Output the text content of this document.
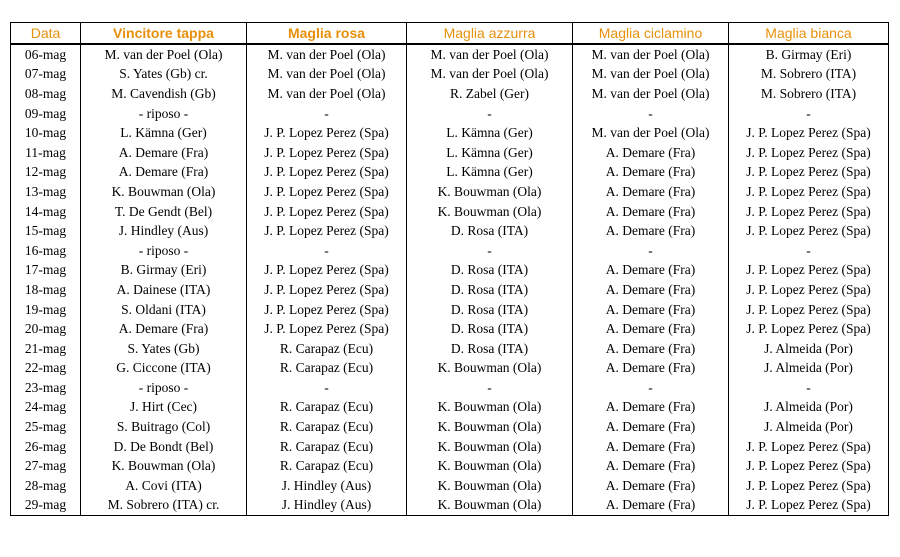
Data	Vincitore tappa	Maglia rosa	Maglia azzurra	Maglia ciclamino	Maglia bianca
06-mag	M. van der Poel (Ola)	M. van der Poel (Ola)	M. van der Poel (Ola)	M. van der Poel (Ola)	B. Girmay (Eri)
07-mag	S. Yates (Gb) cr.	M. van der Poel (Ola)	M. van der Poel (Ola)	M. van der Poel (Ola)	M. Sobrero (ITA)
08-mag	M. Cavendish (Gb)	M. van der Poel (Ola)	R. Zabel (Ger)	M. van der Poel (Ola)	M. Sobrero (ITA)
09-mag	- riposo -	-	-	-	-
10-mag	L. Kämna (Ger)	J. P. Lopez Perez (Spa)	L. Kämna (Ger)	M. van der Poel (Ola)	J. P. Lopez Perez (Spa)
11-mag	A. Demare (Fra)	J. P. Lopez Perez (Spa)	L. Kämna (Ger)	A. Demare (Fra)	J. P. Lopez Perez (Spa)
12-mag	A. Demare (Fra)	J. P. Lopez Perez (Spa)	L. Kämna (Ger)	A. Demare (Fra)	J. P. Lopez Perez (Spa)
13-mag	K. Bouwman (Ola)	J. P. Lopez Perez (Spa)	K. Bouwman (Ola)	A. Demare (Fra)	J. P. Lopez Perez (Spa)
14-mag	T. De Gendt (Bel)	J. P. Lopez Perez (Spa)	K. Bouwman (Ola)	A. Demare (Fra)	J. P. Lopez Perez (Spa)
15-mag	J. Hindley (Aus)	J. P. Lopez Perez (Spa)	D. Rosa (ITA)	A. Demare (Fra)	J. P. Lopez Perez (Spa)
16-mag	- riposo -	-	-	-	-
17-mag	B. Girmay (Eri)	J. P. Lopez Perez (Spa)	D. Rosa (ITA)	A. Demare (Fra)	J. P. Lopez Perez (Spa)
18-mag	A. Dainese (ITA)	J. P. Lopez Perez (Spa)	D. Rosa (ITA)	A. Demare (Fra)	J. P. Lopez Perez (Spa)
19-mag	S. Oldani (ITA)	J. P. Lopez Perez (Spa)	D. Rosa (ITA)	A. Demare (Fra)	J. P. Lopez Perez (Spa)
20-mag	A. Demare (Fra)	J. P. Lopez Perez (Spa)	D. Rosa (ITA)	A. Demare (Fra)	J. P. Lopez Perez (Spa)
21-mag	S. Yates (Gb)	R. Carapaz (Ecu)	D. Rosa (ITA)	A. Demare (Fra)	J. Almeida (Por)
22-mag	G. Ciccone (ITA)	R. Carapaz (Ecu)	K. Bouwman (Ola)	A. Demare (Fra)	J. Almeida (Por)
23-mag	- riposo -	-	-	-	-
24-mag	J. Hirt (Cec)	R. Carapaz (Ecu)	K. Bouwman (Ola)	A. Demare (Fra)	J. Almeida (Por)
25-mag	S. Buitrago (Col)	R. Carapaz (Ecu)	K. Bouwman (Ola)	A. Demare (Fra)	J. Almeida (Por)
26-mag	D. De Bondt (Bel)	R. Carapaz (Ecu)	K. Bouwman (Ola)	A. Demare (Fra)	J. P. Lopez Perez (Spa)
27-mag	K. Bouwman (Ola)	R. Carapaz (Ecu)	K. Bouwman (Ola)	A. Demare (Fra)	J. P. Lopez Perez (Spa)
28-mag	A. Covi (ITA)	J. Hindley (Aus)	K. Bouwman (Ola)	A. Demare (Fra)	J. P. Lopez Perez (Spa)
29-mag	M. Sobrero (ITA) cr.	J. Hindley (Aus)	K. Bouwman (Ola)	A. Demare (Fra)	J. P. Lopez Perez (Spa)
